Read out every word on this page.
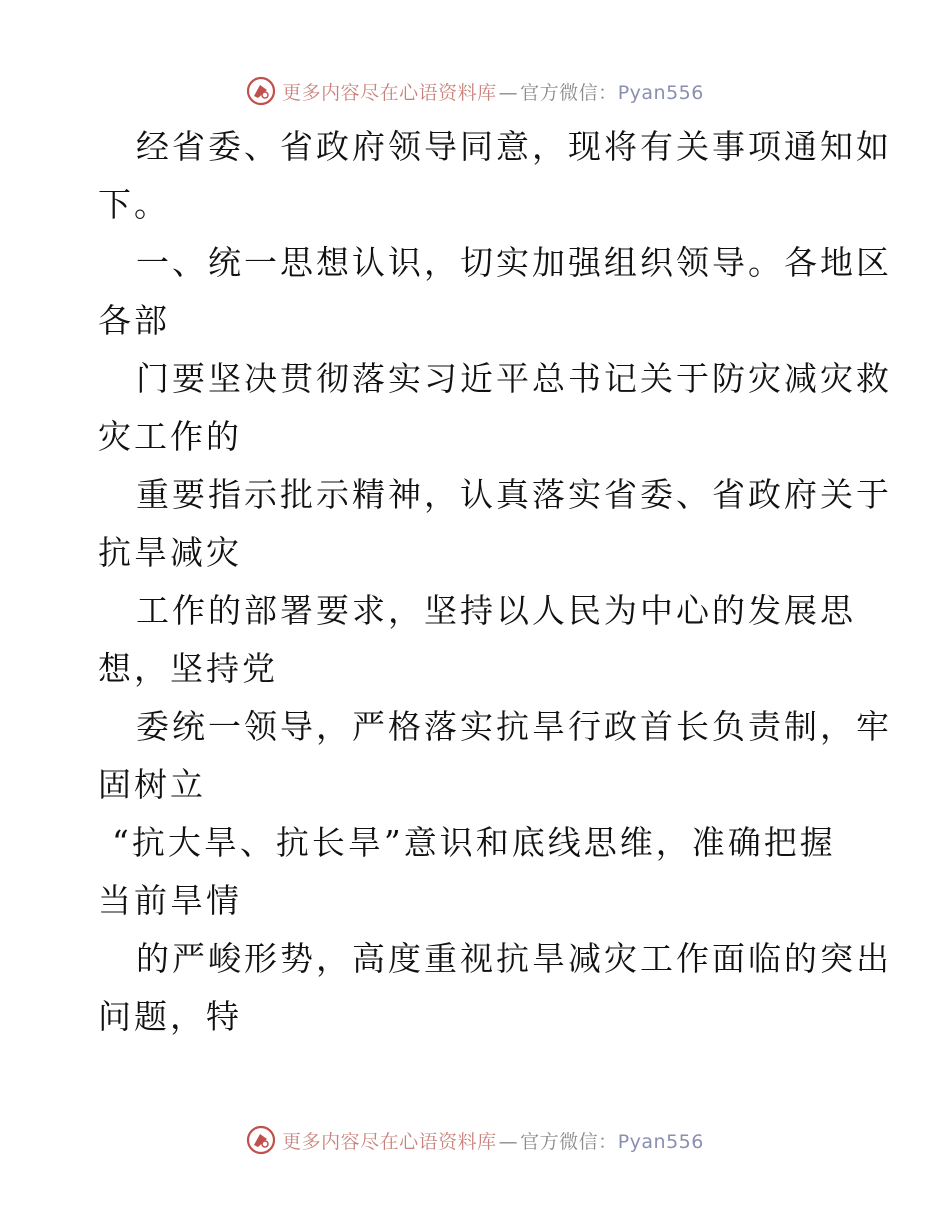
更多内容尽在心语资料库 — 官方微信：Pyan556
经省委、省政府领导同意，现将有关事项通知如
下。
一、统一思想认识，切实加强组织领导。各地区
各部
门要坚决贯彻落实习近平总书记关于防灾减灾救
灾工作的
重要指示批示精神，认真落实省委、省政府关于
抗旱减灾
工作的部署要求，坚持以人民为中心的发展思
想，坚持党
委统一领导，严格落实抗旱行政首长负责制，牢
固树立
“抗大旱、抗长旱”意识和底线思维，准确把握
当前旱情
的严峻形势，高度重视抗旱减灾工作面临的突出
问题，特
更多内容尽在心语资料库 — 官方微信：Pyan556
